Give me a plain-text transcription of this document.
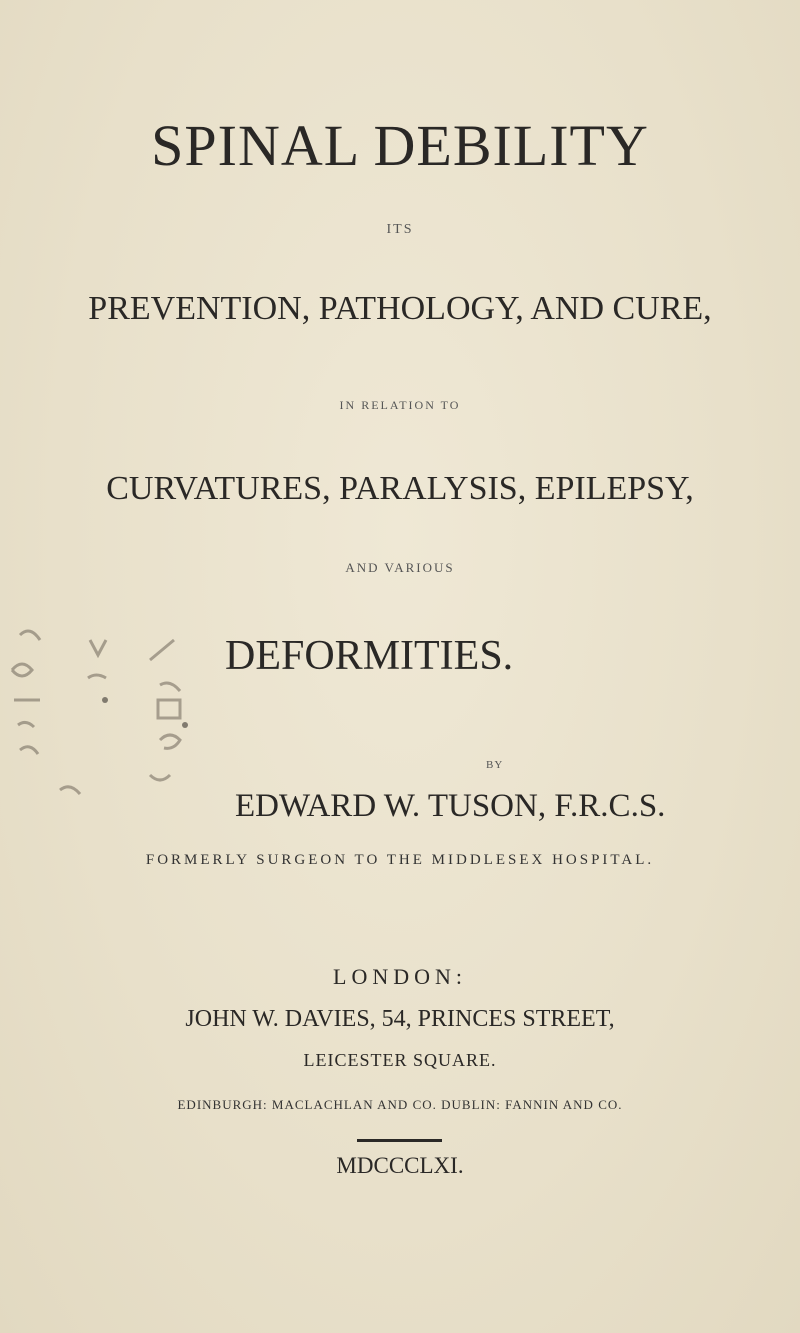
SPINAL DEBILITY
ITS
PREVENTION, PATHOLOGY, AND CURE,
IN RELATION TO
CURVATURES, PARALYSIS, EPILEPSY,
AND VARIOUS
DEFORMITIES.
BY
EDWARD W. TUSON, F.R.C.S.
FORMERLY SURGEON TO THE MIDDLESEX HOSPITAL.
LONDON:
JOHN W. DAVIES, 54, PRINCES STREET,
LEICESTER SQUARE.
EDINBURGH: MACLACHLAN AND CO. DUBLIN: FANNIN AND CO.
MDCCCLXI.
